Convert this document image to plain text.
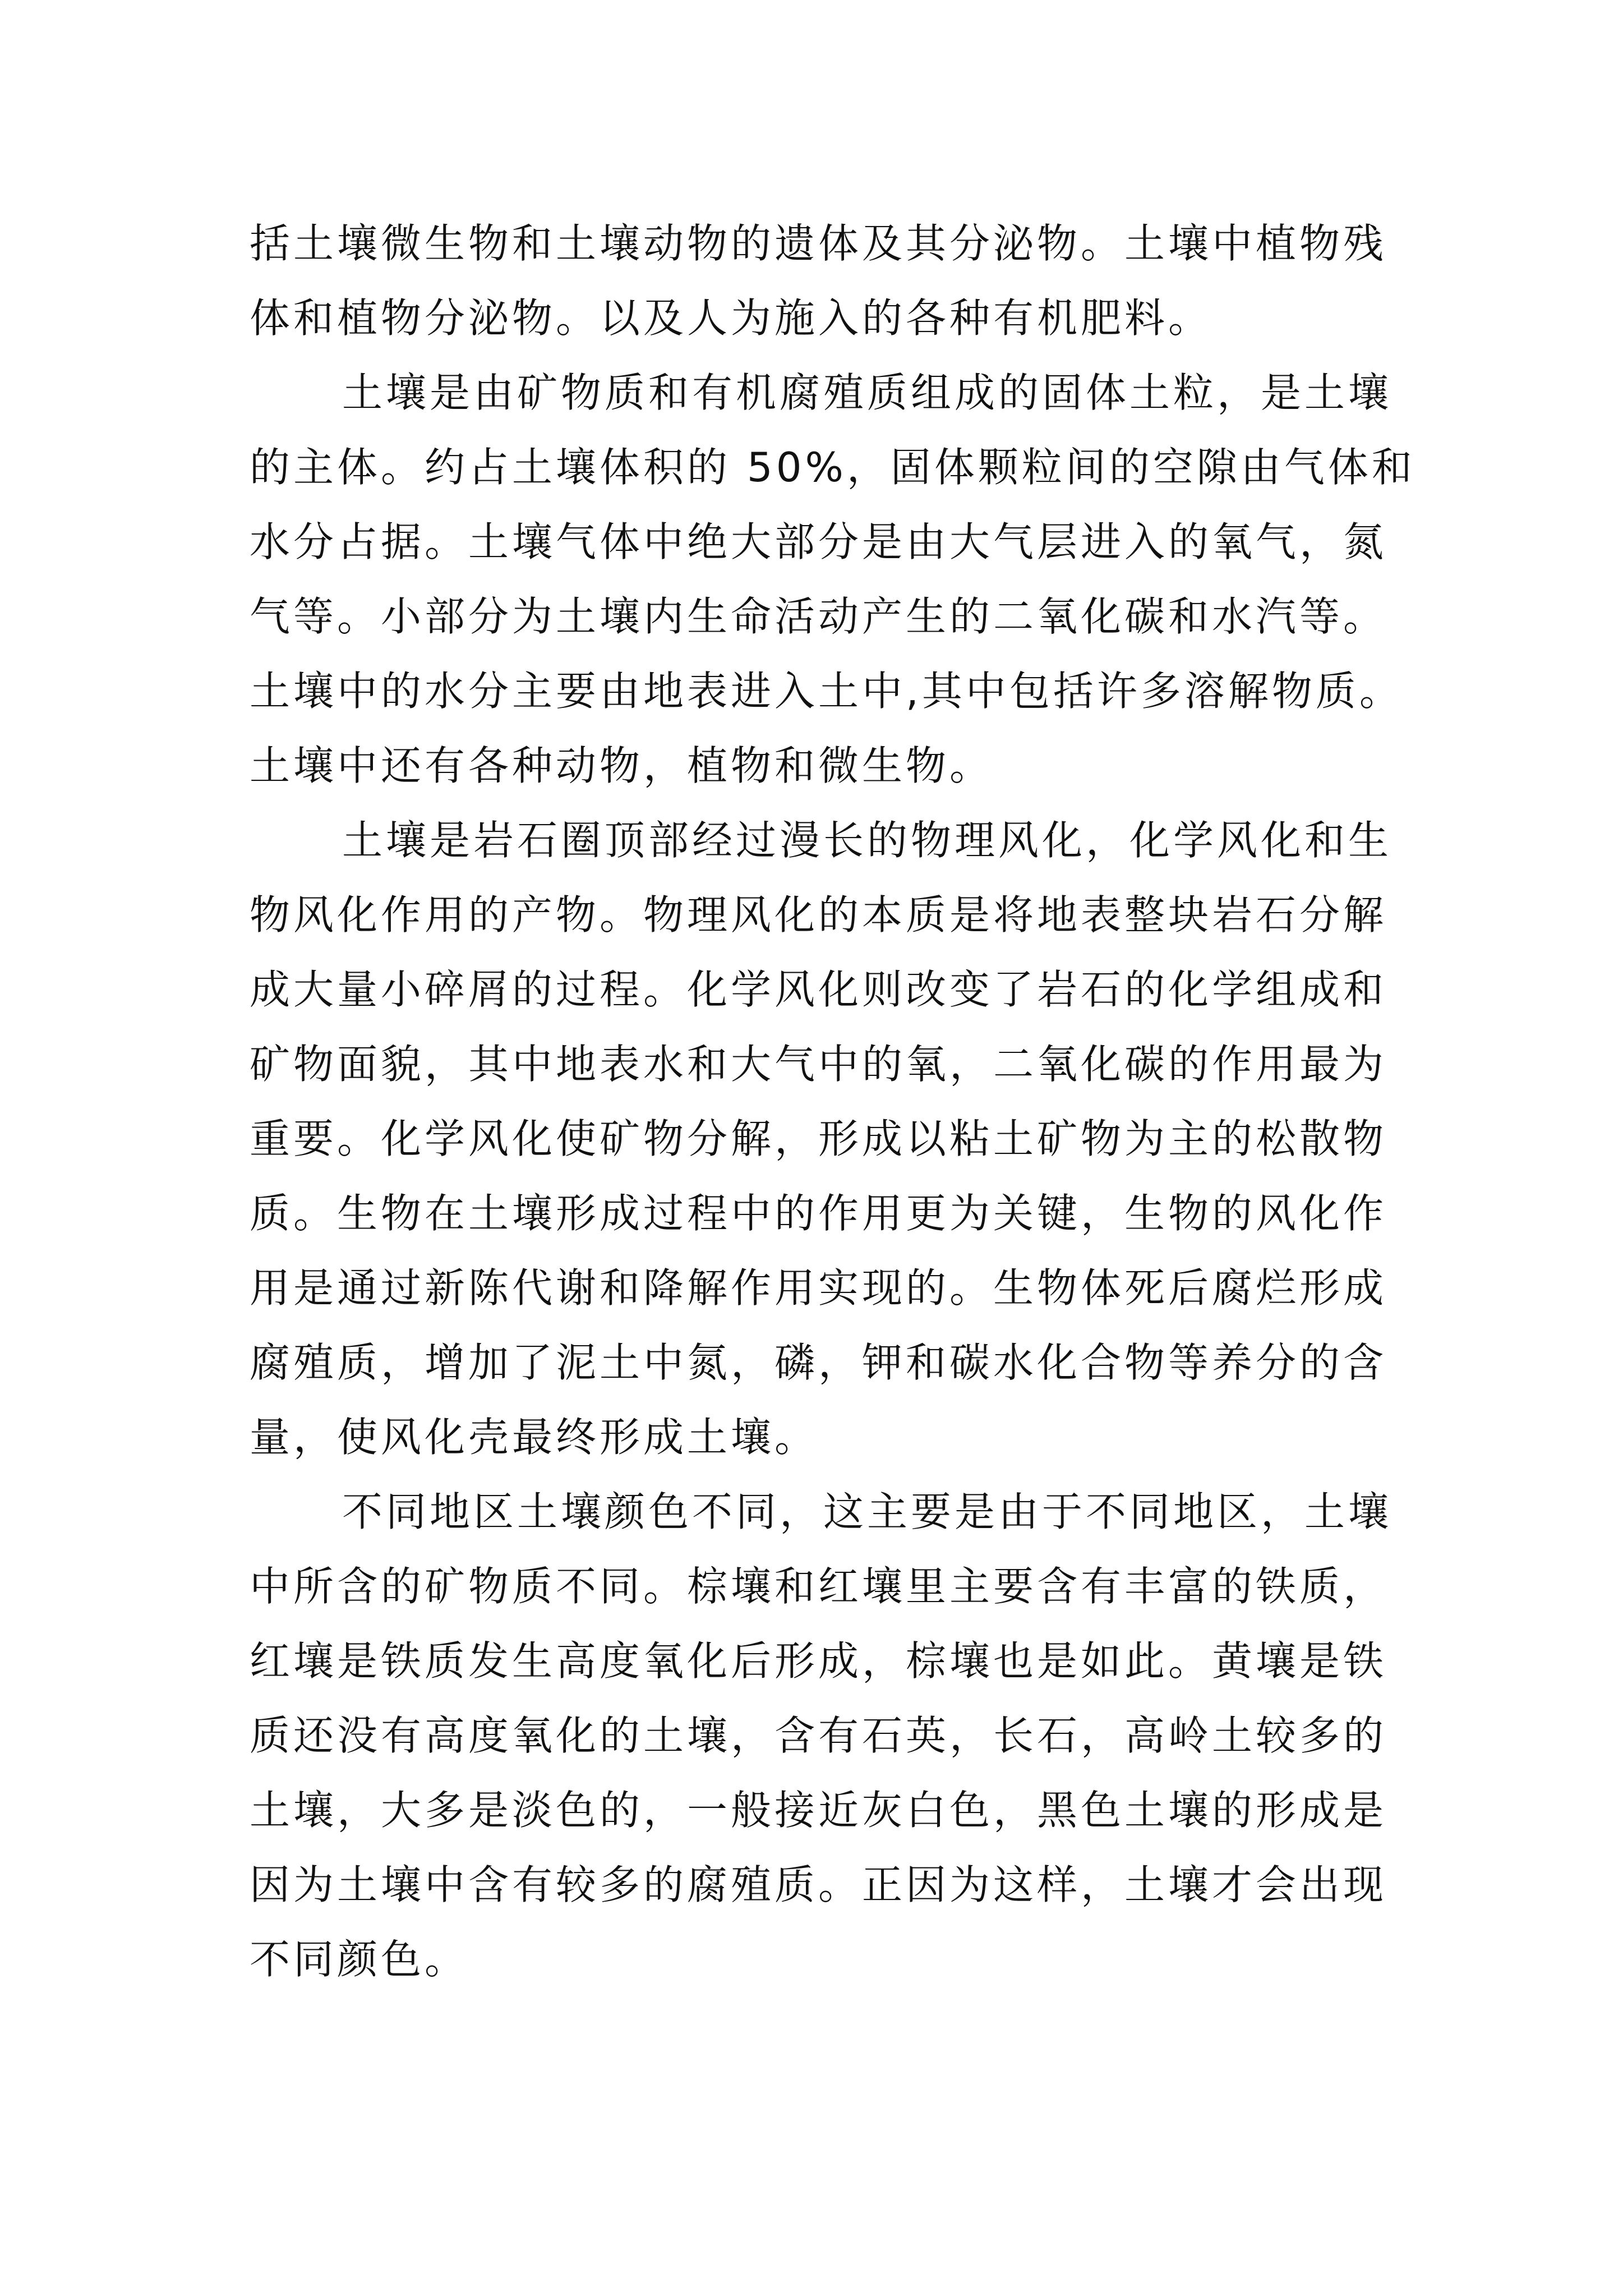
括土壤微生物和土壤动物的遗体及其分泌物。土壤中植物残
体和植物分泌物。以及人为施入的各种有机肥料。
土壤是由矿物质和有机腐殖质组成的固体土粒，是土壤
的主体。约占土壤体积的 50%，固体颗粒间的空隙由气体和
水分占据。土壤气体中绝大部分是由大气层进入的氧气，氮
气等。小部分为土壤内生命活动产生的二氧化碳和水汽等。
土壤中的水分主要由地表进入土中,其中包括许多溶解物质。
土壤中还有各种动物，植物和微生物。
土壤是岩石圈顶部经过漫长的物理风化，化学风化和生
物风化作用的产物。物理风化的本质是将地表整块岩石分解
成大量小碎屑的过程。化学风化则改变了岩石的化学组成和
矿物面貌，其中地表水和大气中的氧，二氧化碳的作用最为
重要。化学风化使矿物分解，形成以粘土矿物为主的松散物
质。生物在土壤形成过程中的作用更为关键，生物的风化作
用是通过新陈代谢和降解作用实现的。生物体死后腐烂形成
腐殖质，增加了泥土中氮，磷，钾和碳水化合物等养分的含
量，使风化壳最终形成土壤。
不同地区土壤颜色不同，这主要是由于不同地区，土壤
中所含的矿物质不同。棕壤和红壤里主要含有丰富的铁质，
红壤是铁质发生高度氧化后形成，棕壤也是如此。黄壤是铁
质还没有高度氧化的土壤，含有石英，长石，高岭土较多的
土壤，大多是淡色的，一般接近灰白色，黑色土壤的形成是
因为土壤中含有较多的腐殖质。正因为这样，土壤才会出现
不同颜色。
